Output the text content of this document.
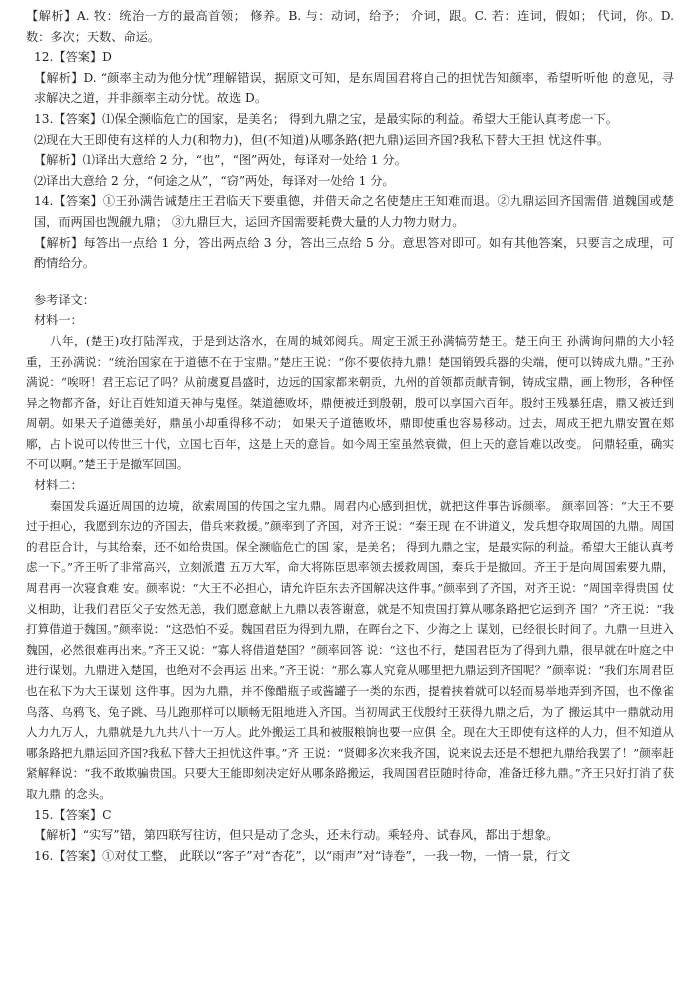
【解析】A. 牧：统治一方的最高首领； 修养。B. 与：动词，给予； 介词，跟。C. 若：连词，假如； 代词，你。D. 数：多次；天数、命运。

12.【答案】D

【解析】D. “颜率主动为他分忧”理解错误，据原文可知，是东周国君将自己的担忧告知颜率，希望听听他 的意见，寻求解决之道，并非颜率主动分忧。故选 D。

13.【答案】⑴保全濒临危亡的国家，是美名； 得到九鼎之宝，是最实际的利益。希望大王能认真考虑一下。

⑵现在大王即使有这样的人力(和物力)，但(不知道)从哪条路(把九鼎)运回齐国?我私下替大王担 忧这件事。

【解析】⑴译出大意给 2 分，“也”，“图”两处，每译对一处给 1 分。

⑵译出大意给 2 分，“何途之从”，“窃”两处，每译对一处给 1 分。

14.【答案】①王孙满告诫楚庄王君临天下要重德，并借天命之名使楚庄王知难而退。②九鼎运回齐国需借 道魏国或楚国，而两国也觊觎九鼎； ③九鼎巨大，运回齐国需要耗费大量的人力物力财力。

【解析】每答出一点给 1 分，答出两点给 3 分，答出三点给 5 分。意思答对即可。如有其他答案，只要言之成理，可酌情给分。

参考译文：

材料一：

八年，(楚王)攻打陆浑戎，于是到达洛水，在周的城郊阅兵。周定王派王孙满犒劳楚王。楚王向王 孙满询问鼎的大小轻重，王孙满说：“统治国家在于道德不在于宝鼎。”楚庄王说：“你不要依持九鼎！楚国销毁兵器的尖端，便可以铸成九鼎。”王孙满说：“唉呀！君王忘记了吗？从前虞夏昌盛时，边远的国家都来朝贡，九州的首领都贡献青铜，铸成宝鼎，画上物形，各种怪异之物都齐备，好让百姓知道天神与鬼怪。桀道德败坏，鼎便被迁到殷朝，殷可以享国六百年。殷纣王残暴狂虐，鼎又被迁到周朝。如果天子道德美好，鼎虽小却重得移不动； 如果天子道德败坏，鼎即使重也容易移动。过去，周成王把九鼎安置在郏鄏，占卜说可以传世三十代，立国七百年，这是上天的意旨。如今周王室虽然衰微，但上天的意旨难以改变。 问鼎轻重，确实不可以啊。”楚王于是撤军回国。

材料二：

秦国发兵逼近周国的边境，欲索周国的传国之宝九鼎。周君内心感到担忧，就把这件事告诉颜率。 颜率回答：“大王不要过于担心，我愿到东边的齐国去，借兵来救援。”颜率到了齐国，对齐王说：“秦王现 在不讲道义，发兵想夺取周国的九鼎。周国的君臣合计，与其给秦，还不如给贵国。保全濒临危亡的国 家，是美名； 得到九鼎之宝，是最实际的利益。希望大王能认真考虑一下。”齐王听了非常高兴，立刻派遣 五万大军，命大将陈臣思率领去援救周国，秦兵于是撤回。齐王于是向周国索要九鼎，周君再一次寝食难 安。颜率说：“大王不必担心，请允许臣东去齐国解决这件事。”颜率到了齐国，对齐王说：“周国幸得贵国 仗义相助，让我们君臣父子安然无恙，我们愿意献上九鼎以表答谢意，就是不知贵国打算从哪条路把它运到齐 国？”齐王说：“我打算借道于魏国。”颜率说：“这恐怕不妥。魏国君臣为得到九鼎，在晖台之下、少海之上 谋划，已经很长时间了。九鼎一旦进入魏国，必然很难再出来。”齐王又说：“寡人将借道楚国？”颜率回答 说：“这也不行，楚国君臣为了得到九鼎，很早就在叶庭之中进行谋划。九鼎进入楚国，也绝对不会再运 出来。”齐王说：“那么寡人究竟从哪里把九鼎运到齐国呢？”颜率说：“我们东周君臣也在私下为大王谋划 这件事。因为九鼎，并不像醋瓶子或酱罐子一类的东西，提着挟着就可以轻而易举地弄到齐国，也不像雀鸟落、乌鸦飞、兔子跳、马儿跑那样可以顺畅无阻地进入齐国。当初周武王伐殷纣王获得九鼎之后，为了 搬运其中一鼎就动用人力九万人，九鼎就是九九共八十一万人。此外搬运工具和被服粮饷也要一应俱 全。现在大王即使有这样的人力，但不知道从哪条路把九鼎运回齐国?我私下替大王担忧这件事。”齐 王说：“贤卿多次来我齐国，说来说去还是不想把九鼎给我罢了！”颜率赶紧解释说：“我不敢欺骗贵国。只要大王能即刻决定好从哪条路搬运，我周国君臣随时待命，准备迁移九鼎。”齐王只好打消了获取九鼎 的念头。

15.【答案】C

【解析】“实写”错，第四联写往访，但只是动了念头，还未行动。乘轻舟、试春风，都出于想象。

16.【答案】①对仗工整， 此联以“客子”对“杏花”，以“雨声”对“诗卷”，一我一物，一情一景，行文
